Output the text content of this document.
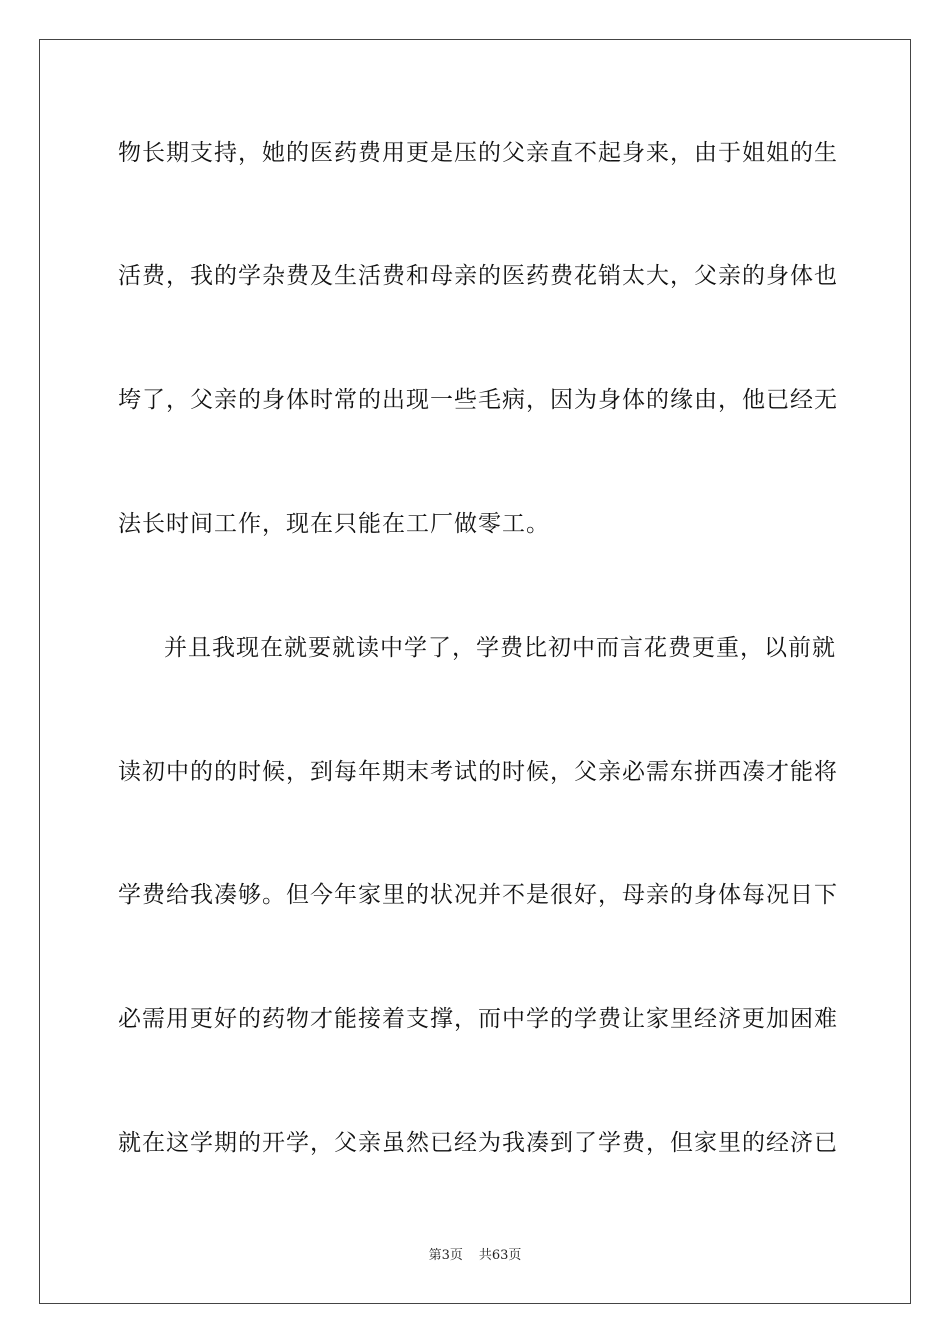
物长期支持，她的医药费用更是压的父亲直不起身来，由于姐姐的生
活费，我的学杂费及生活费和母亲的医药费花销太大，父亲的身体也
垮了，父亲的身体时常的出现一些毛病，因为身体的缘由，他已经无
法长时间工作，现在只能在工厂做零工。
并且我现在就要就读中学了，学费比初中而言花费更重，以前就
读初中的的时候，到每年期末考试的时候，父亲必需东拼西凑才能将
学费给我凑够。但今年家里的状况并不是很好，母亲的身体每况日下
必需用更好的药物才能接着支撑，而中学的学费让家里经济更加困难
就在这学期的开学，父亲虽然已经为我凑到了学费，但家里的经济已
第3页 共63页
